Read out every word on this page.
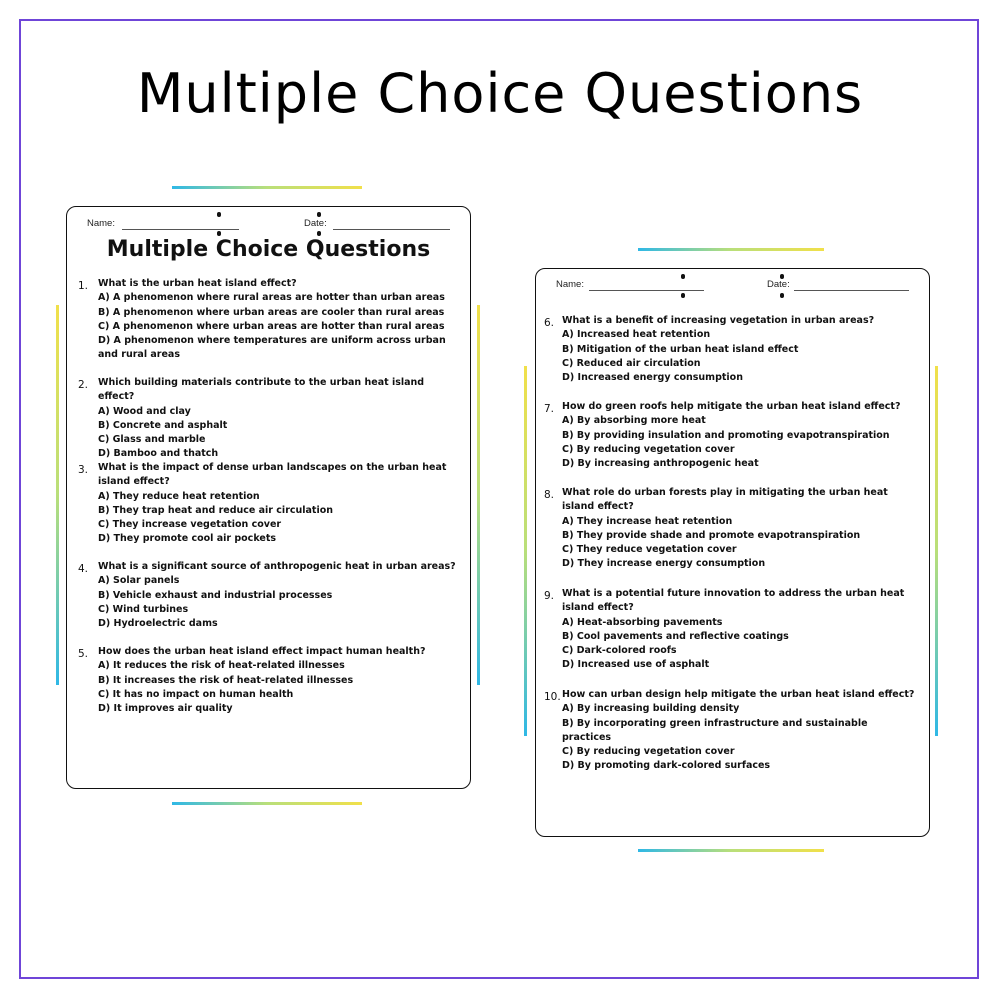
Multiple Choice Questions
Name:	Date:
Multiple Choice Questions
1. What is the urban heat island effect?
A) A phenomenon where rural areas are hotter than urban areas
B) A phenomenon where urban areas are cooler than rural areas
C) A phenomenon where urban areas are hotter than rural areas
D) A phenomenon where temperatures are uniform across urban and rural areas
2. Which building materials contribute to the urban heat island effect?
A) Wood and clay
B) Concrete and asphalt
C) Glass and marble
D) Bamboo and thatch
3. What is the impact of dense urban landscapes on the urban heat island effect?
A) They reduce heat retention
B) They trap heat and reduce air circulation
C) They increase vegetation cover
D) They promote cool air pockets
4. What is a significant source of anthropogenic heat in urban areas?
A) Solar panels
B) Vehicle exhaust and industrial processes
C) Wind turbines
D) Hydroelectric dams
5. How does the urban heat island effect impact human health?
A) It reduces the risk of heat-related illnesses
B) It increases the risk of heat-related illnesses
C) It has no impact on human health
D) It improves air quality
Name:	Date:
6. What is a benefit of increasing vegetation in urban areas?
A) Increased heat retention
B) Mitigation of the urban heat island effect
C) Reduced air circulation
D) Increased energy consumption
7. How do green roofs help mitigate the urban heat island effect?
A) By absorbing more heat
B) By providing insulation and promoting evapotranspiration
C) By reducing vegetation cover
D) By increasing anthropogenic heat
8. What role do urban forests play in mitigating the urban heat island effect?
A) They increase heat retention
B) They provide shade and promote evapotranspiration
C) They reduce vegetation cover
D) They increase energy consumption
9. What is a potential future innovation to address the urban heat island effect?
A) Heat-absorbing pavements
B) Cool pavements and reflective coatings
C) Dark-colored roofs
D) Increased use of asphalt
10. How can urban design help mitigate the urban heat island effect?
A) By increasing building density
B) By incorporating green infrastructure and sustainable practices
C) By reducing vegetation cover
D) By promoting dark-colored surfaces
